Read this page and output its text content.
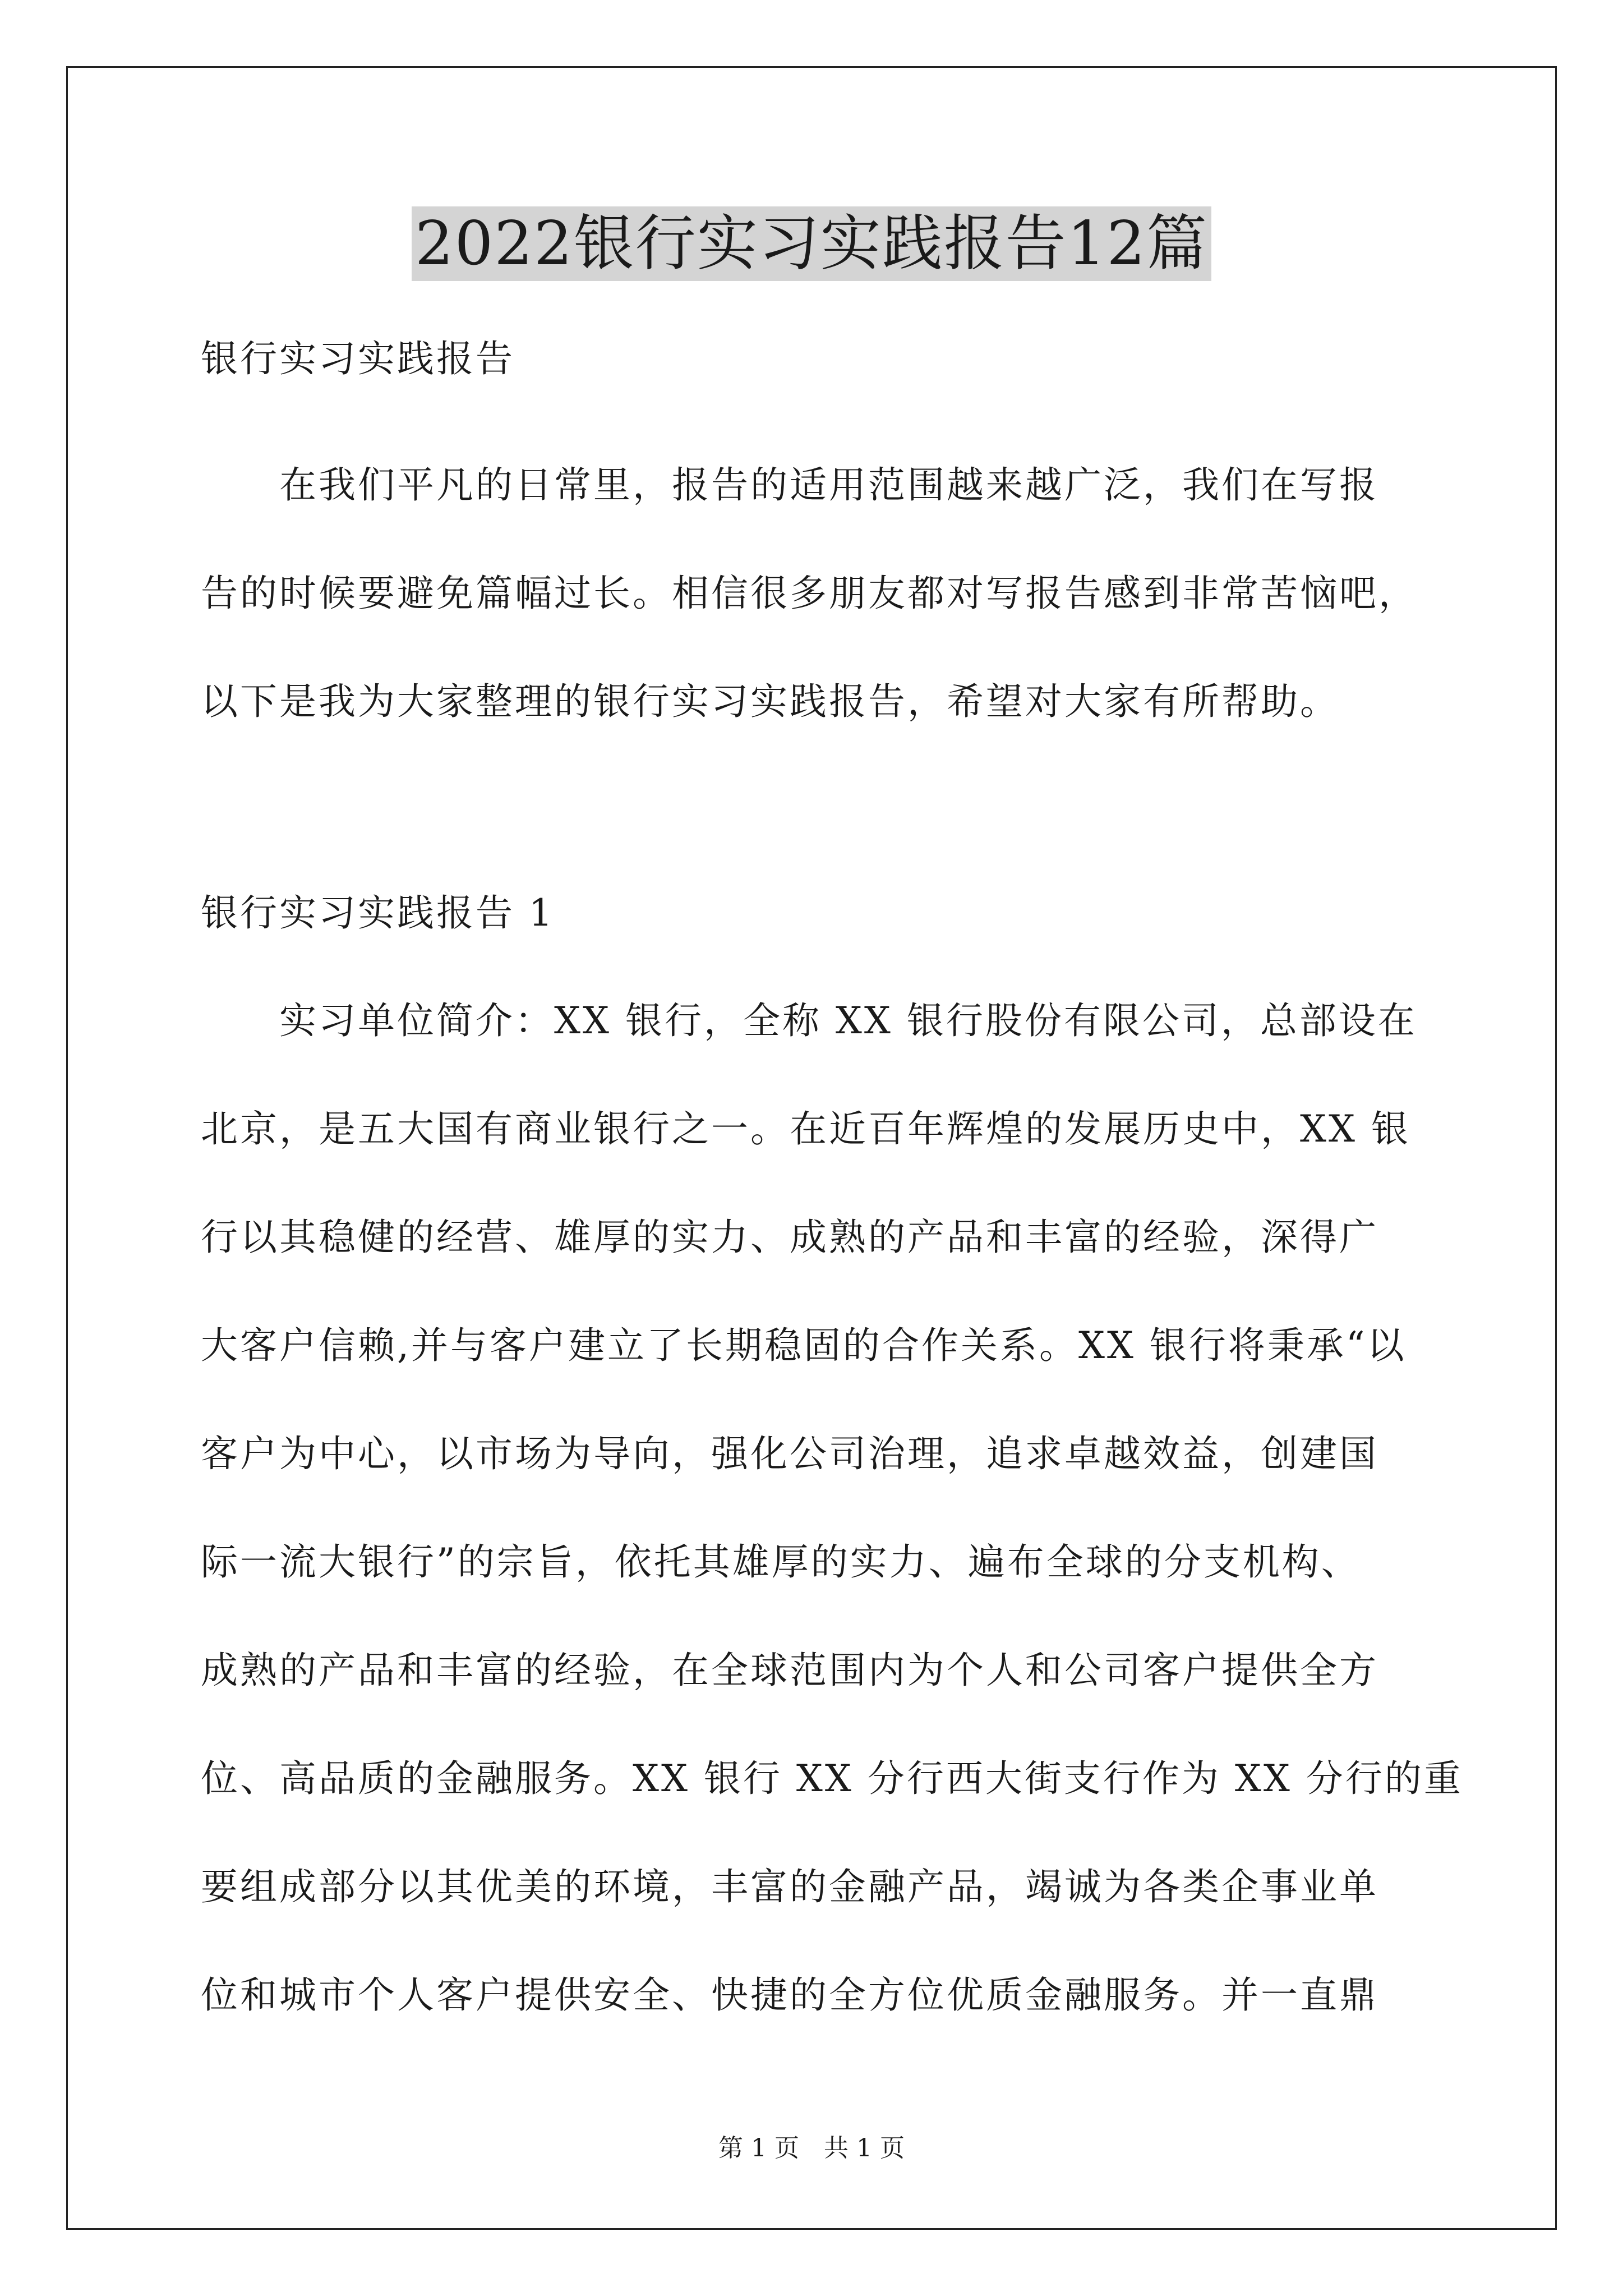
2022银行实习实践报告12篇
银行实习实践报告
　　在我们平凡的日常里，报告的适用范围越来越广泛，我们在写报
告的时候要避免篇幅过长。相信很多朋友都对写报告感到非常苦恼吧，
以下是我为大家整理的银行实习实践报告，希望对大家有所帮助。
银行实习实践报告 1
　　实习单位简介：XX 银行，全称 XX 银行股份有限公司，总部设在
北京，是五大国有商业银行之一。在近百年辉煌的发展历史中，XX 银
行以其稳健的经营、雄厚的实力、成熟的产品和丰富的经验，深得广
大客户信赖,并与客户建立了长期稳固的合作关系。XX 银行将秉承“以
客户为中心，以市场为导向，强化公司治理，追求卓越效益，创建国
际一流大银行”的宗旨，依托其雄厚的实力、遍布全球的分支机构、
成熟的产品和丰富的经验，在全球范围内为个人和公司客户提供全方
位、高品质的金融服务。XX 银行 XX 分行西大街支行作为 XX 分行的重
要组成部分以其优美的环境，丰富的金融产品，竭诚为各类企事业单
位和城市个人客户提供安全、快捷的全方位优质金融服务。并一直鼎
第 1 页　共 1 页
